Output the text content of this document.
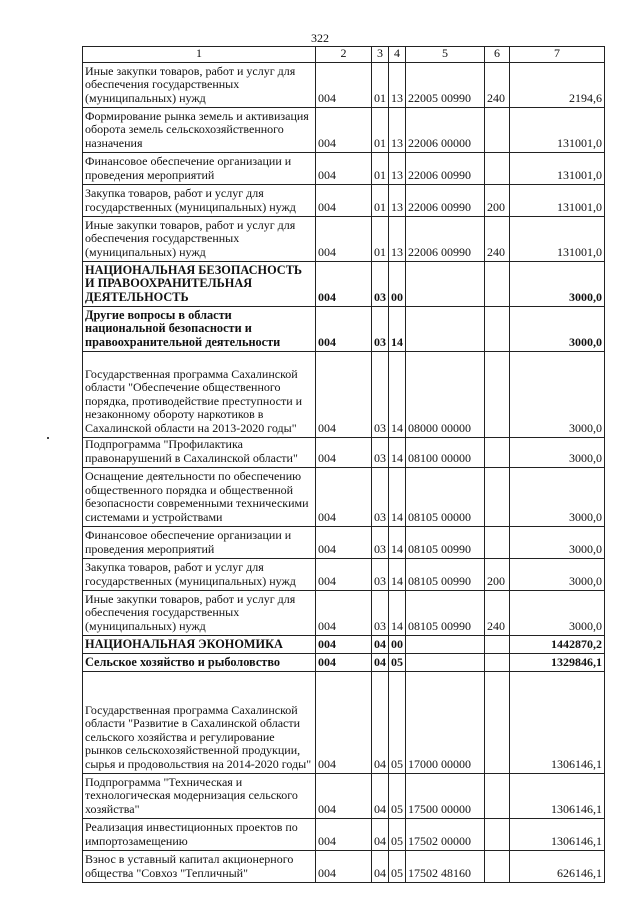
322
1	2	3	4	5	6	7
Иные закупки товаров, работ и услуг для обеспечения государственных (муниципальных) нужд	004	01	13	22005 00990	240	2194,6
Формирование рынка земель и активизация оборота земель сельскохозяйственного назначения	004	01	13	22006 00000		131001,0
Финансовое обеспечение организации и проведения мероприятий	004	01	13	22006 00990		131001,0
Закупка товаров, работ и услуг для государственных (муниципальных) нужд	004	01	13	22006 00990	200	131001,0
Иные закупки товаров, работ и услуг для обеспечения государственных (муниципальных) нужд	004	01	13	22006 00990	240	131001,0
НАЦИОНАЛЬНАЯ БЕЗОПАСНОСТЬ И ПРАВООХРАНИТЕЛЬНАЯ ДЕЯТЕЛЬНОСТЬ	004	03	00			3000,0
Другие вопросы в области национальной безопасности и правоохранительной деятельности	004	03	14			3000,0
Государственная программа Сахалинской области "Обеспечение общественного порядка, противодействие преступности и незаконному обороту наркотиков в Сахалинской области на 2013-2020 годы"	004	03	14	08000 00000		3000,0
Подпрограмма "Профилактика правонарушений в Сахалинской области"	004	03	14	08100 00000		3000,0
Оснащение деятельности по обеспечению общественного порядка и общественной безопасности современными техническими системами и устройствами	004	03	14	08105 00000		3000,0
Финансовое обеспечение организации и проведения мероприятий	004	03	14	08105 00990		3000,0
Закупка товаров, работ и услуг для государственных (муниципальных) нужд	004	03	14	08105 00990	200	3000,0
Иные закупки товаров, работ и услуг для обеспечения государственных (муниципальных) нужд	004	03	14	08105 00990	240	3000,0
НАЦИОНАЛЬНАЯ ЭКОНОМИКА	004	04	00			1442870,2
Сельское хозяйство и рыболовство	004	04	05			1329846,1
Государственная программа Сахалинской области "Развитие в Сахалинской области сельского хозяйства и регулирование рынков сельскохозяйственной продукции, сырья и продовольствия на 2014-2020 годы"	004	04	05	17000 00000		1306146,1
Подпрограмма "Техническая и технологическая модернизация сельского хозяйства"	004	04	05	17500 00000		1306146,1
Реализация инвестиционных проектов по импортозамещению	004	04	05	17502 00000		1306146,1
Взнос в уставный капитал акционерного общества "Совхоз "Тепличный"	004	04	05	17502 48160		626146,1
